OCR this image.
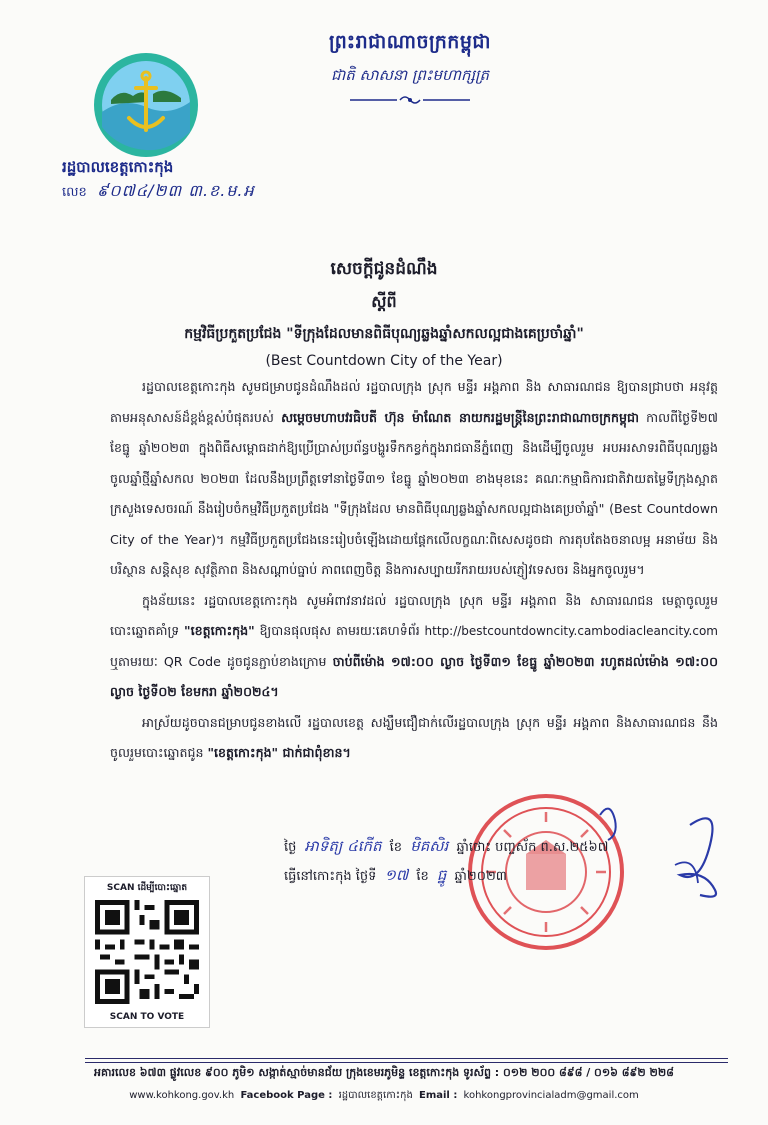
ព្រះរាជាណាចក្រកម្ពុជា
ជាតិ សាសនា ព្រះមហាក្សត្រ
រដ្ឋបាលខេត្តកោះកុង
លេខ ៩០៧៤/២៣ ៣.ខ.ម.អ
សេចក្តីជូនដំណឹង
ស្តីពី
កម្មវិធីប្រកួតប្រជែង "ទីក្រុងដែលមានពិធីបុណ្យឆ្លងឆ្នាំសកលល្អជាងគេប្រចាំឆ្នាំ"
(Best Countdown City of the Year)

រដ្ឋបាលខេត្តកោះកុង សូមជម្រាបជូនដំណឹងដល់ រដ្ឋបាលក្រុង ស្រុក មន្ទីរ អង្គភាព និង សាធារណជន ឱ្យបានជ្រាបថា អនុវត្តតាមអនុសាសន៍ដ៏ខ្ពង់ខ្ពស់បំផុតរបស់ សម្តេចមហាបវរធិបតី ហ៊ុន ម៉ាណែត នាយករដ្ឋមន្ត្រីនៃព្រះរាជាណាចក្រកម្ពុជា កាលពីថ្ងៃទី២៧ ខែធ្នូ ឆ្នាំ២០២៣ ក្នុងពិធីសម្ពោធដាក់ឱ្យប្រើប្រាស់ប្រព័ន្ធបង្ហូរទឹកកខ្វក់ក្នុងរាជធានីភ្នំពេញ និងដើម្បីចូលរួម អបអរសាទរពិធីបុណ្យឆ្លងចូលឆ្នាំថ្មីឆ្នាំសកល ២០២៣ ដែលនឹងប្រព្រឹត្តទៅនាថ្ងៃទី៣១ ខែធ្នូ ឆ្នាំ២០២៣ ខាងមុខនេះ គណៈកម្មាធិការជាតិវាយតម្លៃទីក្រុងស្អាត ក្រសួងទេសចរណ៍ នឹងរៀបចំកម្មវិធីប្រកួតប្រជែង "ទីក្រុងដែល មានពិធីបុណ្យឆ្លងឆ្នាំសកលល្អជាងគេប្រចាំឆ្នាំ" (Best Countdown City of the Year)។ កម្មវិធីប្រកួតប្រជែងនេះរៀបចំឡើងដោយផ្តែកលើលក្ខណៈពិសេសដូចជា ការតុបតែងចនាលម្អ អនាម័យ និងបរិស្ថាន សន្តិសុខ សុវត្ថិភាព និងសណ្តាប់ធ្នាប់ ភាពពេញចិត្ត និងការសប្បាយរីករាយរបស់ភ្ញៀវទេសចរ និងអ្នកចូលរួម។

ក្នុងន័យនេះ រដ្ឋបាលខេត្តកោះកុង សូមអំពាវនាវដល់ រដ្ឋបាលក្រុង ស្រុក មន្ទីរ អង្គភាព និង សាធារណជន មេត្តាចូលរួមបោះឆ្នោតគាំទ្រ "ខេត្តកោះកុង" ឱ្យបានផុលផុស តាមរយៈគេហទំព័រ http://bestcountdowncity.cambodiacleancity.com ឬតាមរយៈ QR Code ដូចជូនភ្ជាប់ខាងក្រោម ចាប់ពីម៉ោង ១៧:០០ ល្ងាច ថ្ងៃទី៣១ ខែធ្នូ ឆ្នាំ២០២៣ រហូតដល់ម៉ោង ១៧:០០ ល្ងាច ថ្ងៃទី០២ ខែមករា ឆ្នាំ២០២៤។

អាស្រ័យដូចបានជម្រាបជូនខាងលើ រដ្ឋបាលខេត្ត សង្ឃឹមជឿជាក់លើរដ្ឋបាលក្រុង ស្រុក មន្ទីរ អង្គភាព និងសាធារណជន នឹងចូលរួមបោះឆ្នោតជូន "ខេត្តកោះកុង" ជាក់ជាពុំខាន។

ថ្ងៃ អាទិត្យ ៤កើត ខែ មិគសិរ ឆ្នាំថោះ បញ្ចស័ក ព.ស.២៥៦៧
ធ្វើនៅកោះកុង ថ្ងៃទី ១៧ ខែ ធ្នូ ឆ្នាំ២០២៣
SCAN ដើម្បីបោះឆ្នោត
SCAN TO VOTE
អគារលេខ ៦៧៣ ផ្លូវលេខ ៩០០ ភូមិ១ សង្កាត់ស្មាច់មានជ័យ ក្រុងខេមរភូមិន្ទ ខេត្តកោះកុង ទូរស័ព្ទ : ០១២ ២០០ ៨៩៨ / ០១៦ ៨៩២ ២២៨
www.kohkong.gov.kh Facebook Page : រដ្ឋបាលខេត្តកោះកុង Email : kohkongprovincialadm@gmail.com
